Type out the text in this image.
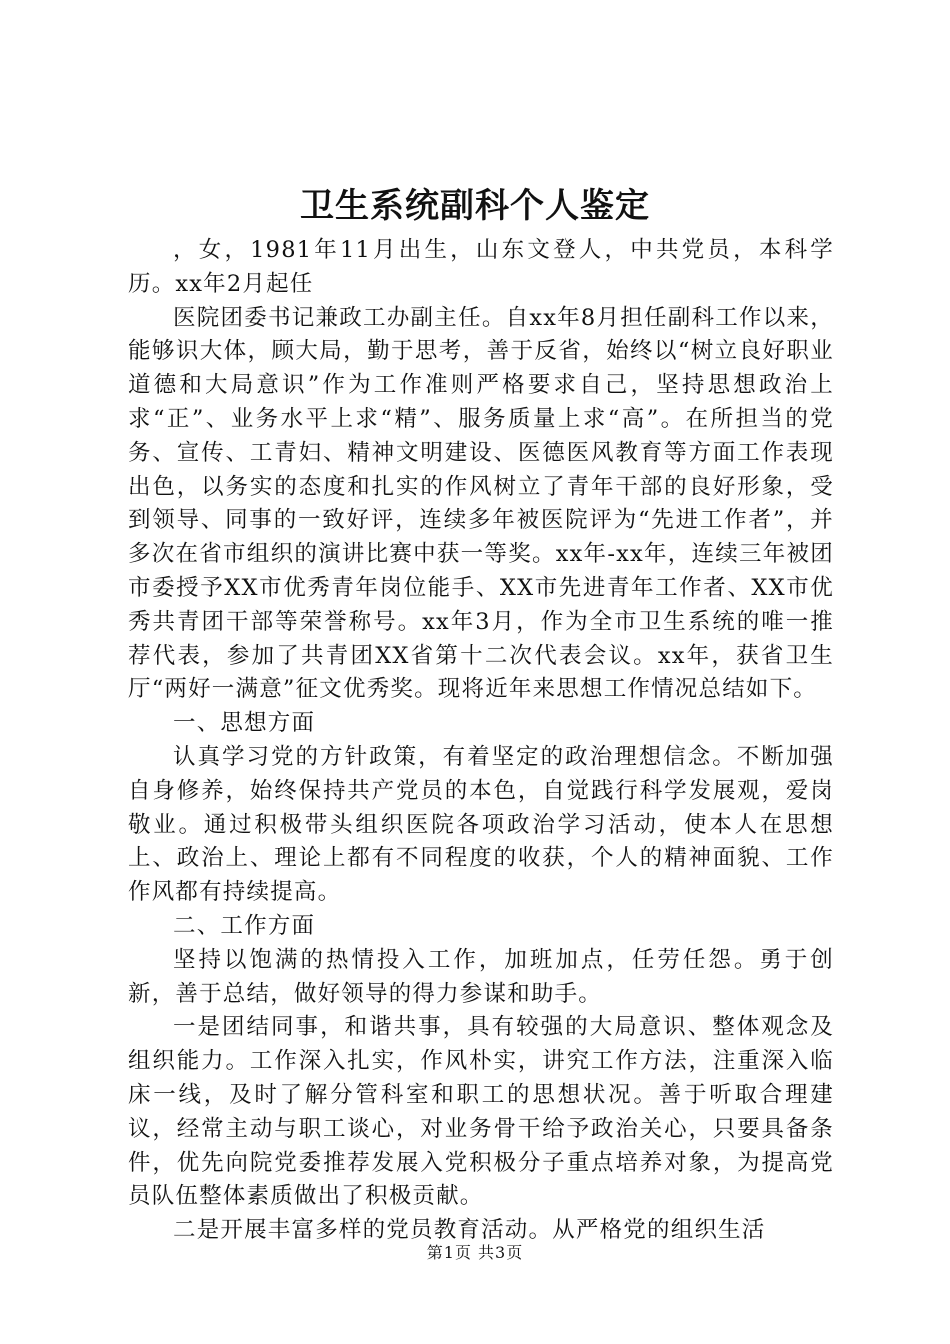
卫生系统副科个人鉴定

，女，1981年11月出生，山东文登人，中共党员，本科学历。xx年2月起任

医院团委书记兼政工办副主任。自xx年8月担任副科工作以来，能够识大体，顾大局，勤于思考，善于反省，始终以“树立良好职业道德和大局意识”作为工作准则严格要求自己，坚持思想政治上求“正”、业务水平上求“精”、服务质量上求“高”。在所担当的党务、宣传、工青妇、精神文明建设、医德医风教育等方面工作表现出色，以务实的态度和扎实的作风树立了青年干部的良好形象，受到领导、同事的一致好评，连续多年被医院评为“先进工作者”，并多次在省市组织的演讲比赛中获一等奖。xx年-xx年，连续三年被团市委授予XX市优秀青年岗位能手、XX市先进青年工作者、XX市优秀共青团干部等荣誉称号。xx年3月，作为全市卫生系统的唯一推荐代表，参加了共青团XX省第十二次代表会议。xx年，获省卫生厅“两好一满意”征文优秀奖。现将近年来思想工作情况总结如下。

一、思想方面

认真学习党的方针政策，有着坚定的政治理想信念。不断加强自身修养，始终保持共产党员的本色，自觉践行科学发展观，爱岗敬业。通过积极带头组织医院各项政治学习活动，使本人在思想上、政治上、理论上都有不同程度的收获，个人的精神面貌、工作作风都有持续提高。

二、工作方面

坚持以饱满的热情投入工作，加班加点，任劳任怨。勇于创新，善于总结，做好领导的得力参谋和助手。

一是团结同事，和谐共事，具有较强的大局意识、整体观念及组织能力。工作深入扎实，作风朴实，讲究工作方法，注重深入临床一线，及时了解分管科室和职工的思想状况。善于听取合理建议，经常主动与职工谈心，对业务骨干给予政治关心，只要具备条件，优先向院党委推荐发展入党积极分子重点培养对象，为提高党员队伍整体素质做出了积极贡献。

二是开展丰富多样的党员教育活动。从严格党的组织生活

第1页 共3页
